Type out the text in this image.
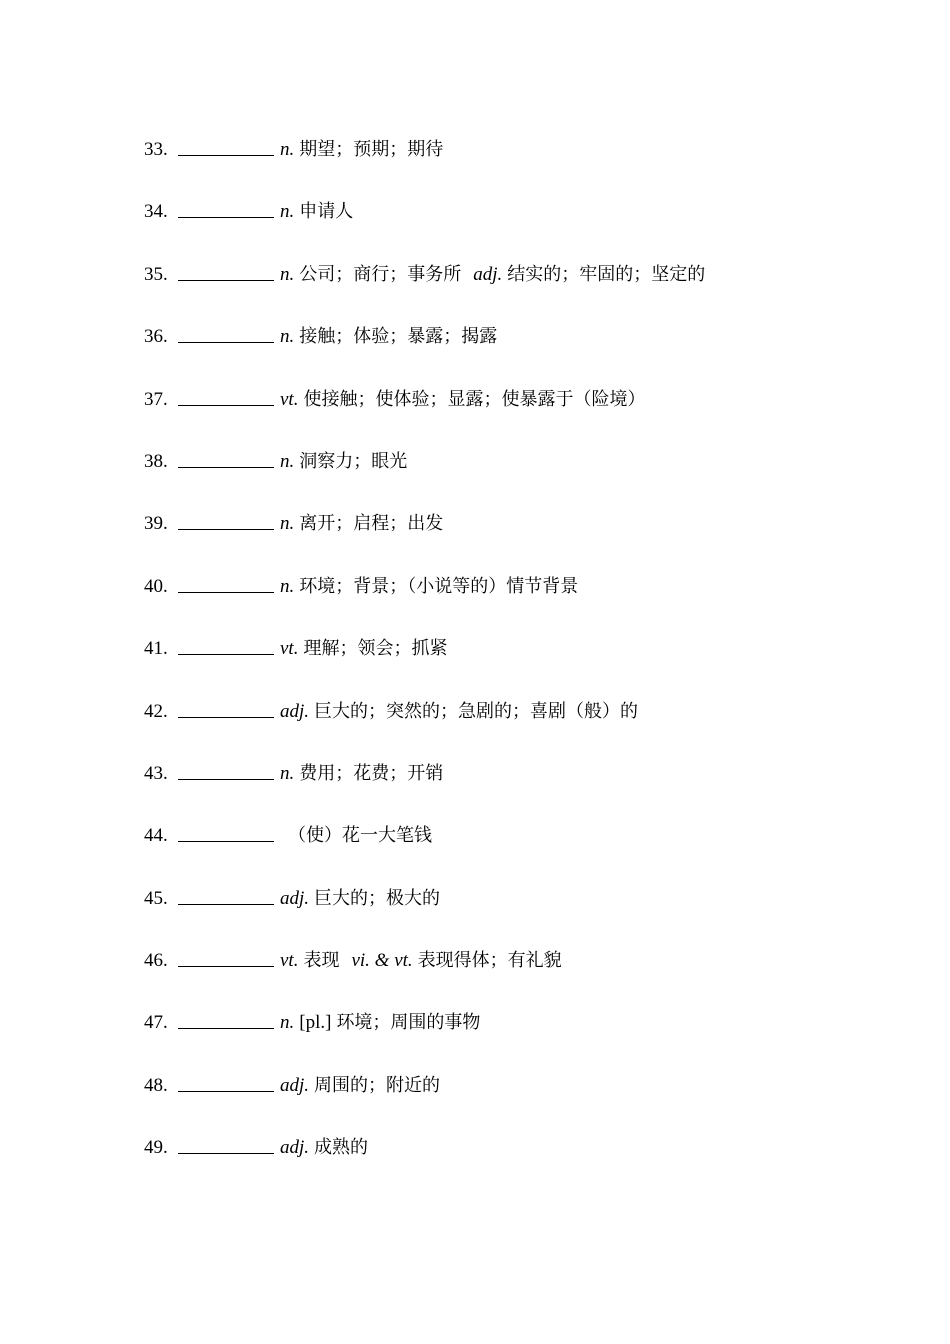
33.	n. 期望；预期；期待
34.	n. 申请人
35.	n. 公司；商行；事务所 adj. 结实的；牢固的；坚定的
36.	n. 接触；体验；暴露；揭露
37.	vt. 使接触；使体验；显露；使暴露于（险境）
38.	n. 洞察力；眼光
39.	n. 离开；启程；出发
40.	n. 环境；背景；（小说等的）情节背景
41.	vt. 理解；领会；抓紧
42.	adj. 巨大的；突然的；急剧的；喜剧（般）的
43.	n. 费用；花费；开销
44.	（使）花一大笔钱
45.	adj. 巨大的；极大的
46.	vt. 表现 vi. & vt. 表现得体；有礼貌
47.	n. [pl.] 环境；周围的事物
48.	adj. 周围的；附近的
49.	adj. 成熟的
